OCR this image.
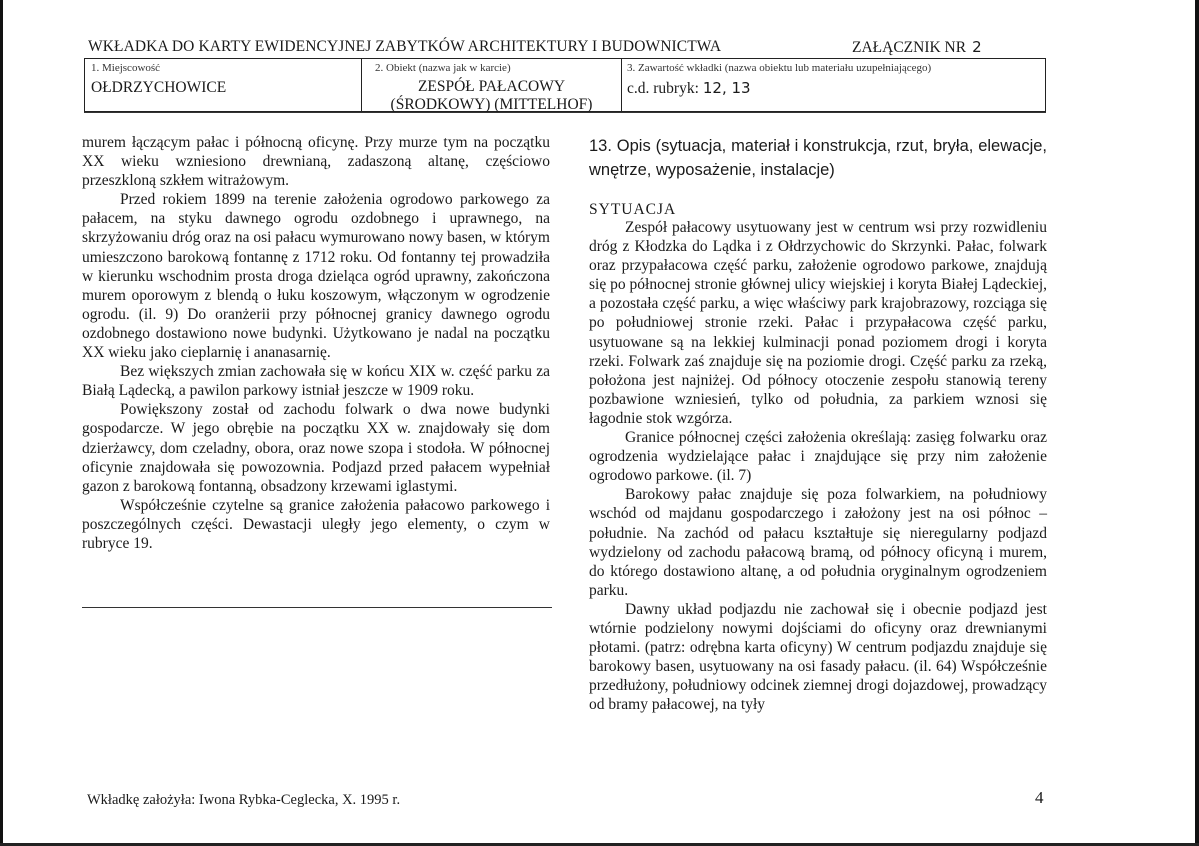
WKŁADKA DO KARTY EWIDENCYJNEJ ZABYTKÓW ARCHITEKTURY I BUDOWNICTWA	ZAŁĄCZNIK NR 2
1. Miejscowość
OŁDRZYCHOWICE
2. Obiekt (nazwa jak w karcie)
ZESPÓŁ PAŁACOWY
(ŚRODKOWY) (MITTELHOF)
3. Zawartość wkładki (nazwa obiektu lub materiału uzupełniającego)
c.d. rubryk: 12, 13

murem łączącym pałac i północną oficynę. Przy murze tym na początku XX wieku wzniesiono drewnianą, zadaszoną altanę, częściowo przeszkloną szkłem witrażowym.

Przed rokiem 1899 na terenie założenia ogrodowo parkowego za pałacem, na styku dawnego ogrodu ozdobnego i uprawnego, na skrzyżowaniu dróg oraz na osi pałacu wymurowano nowy basen, w którym umieszczono barokową fontannę z 1712 roku. Od fontanny tej prowadziła w kierunku wschodnim prosta droga dzieląca ogród uprawny, zakończona murem oporowym z blendą o łuku koszowym, włączonym w ogrodzenie ogrodu. (il. 9) Do oranżerii przy północnej granicy dawnego ogrodu ozdobnego dostawiono nowe budynki. Użytkowano je nadal na początku XX wieku jako cieplarnię i ananasarnię.

Bez większych zmian zachowała się w końcu XIX w. część parku za Białą Lądecką, a pawilon parkowy istniał jeszcze w 1909 roku.

Powiększony został od zachodu folwark o dwa nowe budynki gospodarcze. W jego obrębie na początku XX w. znajdowały się dom dzierżawcy, dom czeladny, obora, oraz nowe szopa i stodoła. W północnej oficynie znajdowała się powozownia. Podjazd przed pałacem wypełniał gazon z barokową fontanną, obsadzony krzewami iglastymi.

Współcześnie czytelne są granice założenia pałacowo parkowego i poszczególnych części. Dewastacji uległy jego elementy, o czym w rubryce 19.

13. Opis (sytuacja, materiał i konstrukcja, rzut, bryła, elewacje, wnętrze, wyposażenie, instalacje)
SYTUACJA

Zespół pałacowy usytuowany jest w centrum wsi przy rozwidleniu dróg z Kłodzka do Lądka i z Ołdrzychowic do Skrzynki. Pałac, folwark oraz przypałacowa część parku, założenie ogrodowo parkowe, znajdują się po północnej stronie głównej ulicy wiejskiej i koryta Białej Lądeckiej, a pozostała część parku, a więc właściwy park krajobrazowy, rozciąga się po południowej stronie rzeki. Pałac i przypałacowa część parku, usytuowane są na lekkiej kulminacji ponad poziomem drogi i koryta rzeki. Folwark zaś znajduje się na poziomie drogi. Część parku za rzeką, położona jest najniżej. Od północy otoczenie zespołu stanowią tereny pozbawione wzniesień, tylko od południa, za parkiem wznosi się łagodnie stok wzgórza.

Granice północnej części założenia określają: zasięg folwarku oraz ogrodzenia wydzielające pałac i znajdujące się przy nim założenie ogrodowo parkowe. (il. 7)

Barokowy pałac znajduje się poza folwarkiem, na południowy wschód od majdanu gospodarczego i założony jest na osi północ – południe. Na zachód od pałacu kształtuje się nieregularny podjazd wydzielony od zachodu pałacową bramą, od północy oficyną i murem, do którego dostawiono altanę, a od południa oryginalnym ogrodzeniem parku.

Dawny układ podjazdu nie zachował się i obecnie podjazd jest wtórnie podzielony nowymi dojściami do oficyny oraz drewnianymi płotami. (patrz: odrębna karta oficyny) W centrum podjazdu znajduje się barokowy basen, usytuowany na osi fasady pałacu. (il. 64) Współcześnie przedłużony, południowy odcinek ziemnej drogi dojazdowej, prowadzący od bramy pałacowej, na tyły

Wkładkę założyła: Iwona Rybka-Ceglecka, X. 1995 r.	4
